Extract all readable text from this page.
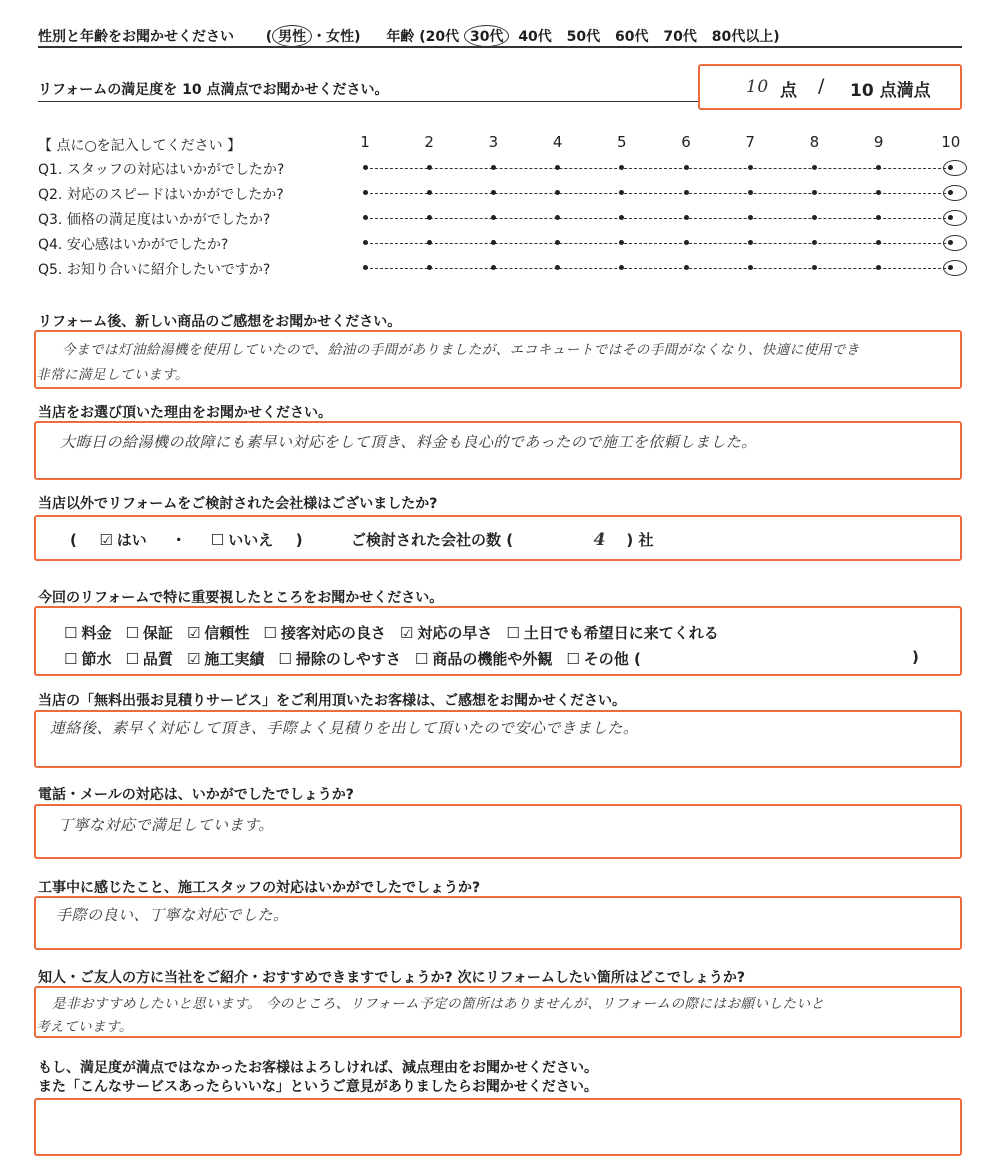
性別と年齢をお聞かせください ( 男性 ・女性) 年齢 (20代 30代 40代 50代 60代 70代 80代以上)
リフォームの満足度を 10 点満点でお聞かせください。	10 点 / 10 点満点
【 点に○を記入してください 】	1	2	3	4	5	6	7	8	9	10
Q1. スタッフの対応はいかがでしたか?
Q2. 対応のスピードはいかがでしたか?
Q3. 価格の満足度はいかがでしたか?
Q4. 安心感はいかがでしたか?
Q5. お知り合いに紹介したいですか?
リフォーム後、新しい商品のご感想をお聞かせください。
今までは灯油給湯機を使用していたので、給油の手間がありましたが、エコキュートではその手間がなくなり、快適に使用でき
非常に満足しています。
当店をお選び頂いた理由をお聞かせください。
大晦日の給湯機の故障にも素早い対応をして頂き、料金も良心的であったので施工を依頼しました。
当店以外でリフォームをご検討された会社様はございましたか?
( ☑ はい ・ ☐ いいえ )	ご検討された会社の数 (	4 ) 社
今回のリフォームで特に重要視したところをお聞かせください。
☐ 料金 ☐ 保証 ☑ 信頼性 ☐ 接客対応の良さ ☑ 対応の早さ ☐ 土日でも希望日に来てくれる
☐ 節水 ☐ 品質 ☑ 施工実績 ☐ 掃除のしやすさ ☐ 商品の機能や外観 ☐ その他 (	)
当店の「無料出張お見積りサービス」をご利用頂いたお客様は、ご感想をお聞かせください。
連絡後、素早く対応して頂き、手際よく見積りを出して頂いたので安心できました。
電話・メールの対応は、いかがでしたでしょうか?
丁寧な対応で満足しています。
工事中に感じたこと、施工スタッフの対応はいかがでしたでしょうか?
手際の良い、丁寧な対応でした。
知人・ご友人の方に当社をご紹介・おすすめできますでしょうか? 次にリフォームしたい箇所はどこでしょうか?
是非おすすめしたいと思います。 今のところ、リフォーム予定の箇所はありませんが、リフォームの際にはお願いしたいと
考えています。
もし、満足度が満点ではなかったお客様はよろしければ、減点理由をお聞かせください。
また「こんなサービスあったらいいな」というご意見がありましたらお聞かせください。
